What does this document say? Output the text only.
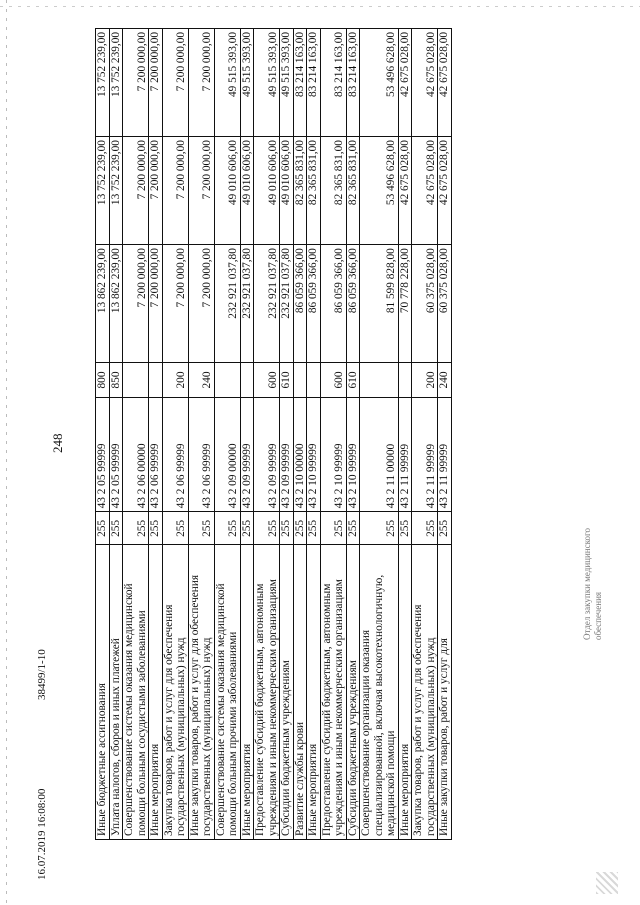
248
Иные бюджетные ассигнования	255	43 2 05 99999	800	13 862 239,00	13 752 239,00	13 752 239,00
Уплата налогов, сборов и иных платежей	255	43 2 05 99999	850	13 862 239,00	13 752 239,00	13 752 239,00
Совершенствование системы оказания медицинской помощи больным сосудистыми заболеваниями	255	43 2 06 00000		7 200 000,00	7 200 000,00	7 200 000,00
Иные мероприятия	255	43 2 06 99999		7 200 000,00	7 200 000,00	7 200 000,00
Закупка товаров, работ и услуг для обеспечения государственных (муниципальных) нужд	255	43 2 06 99999	200	7 200 000,00	7 200 000,00	7 200 000,00
Иные закупки товаров, работ и услуг для обеспечения государственных (муниципальных) нужд	255	43 2 06 99999	240	7 200 000,00	7 200 000,00	7 200 000,00
Совершенствование системы оказания медицинской помощи больным прочими заболеваниями	255	43 2 09 00000		232 921 037,80	49 010 606,00	49 515 393,00
Иные мероприятия	255	43 2 09 99999		232 921 037,80	49 010 606,00	49 515 393,00
Предоставление субсидий бюджетным, автономным учреждениям и иным некоммерческим организациям	255	43 2 09 99999	600	232 921 037,80	49 010 606,00	49 515 393,00
Субсидии бюджетным учреждениям	255	43 2 09 99999	610	232 921 037,80	49 010 606,00	49 515 393,00
Развитие службы крови	255	43 2 10 00000		86 059 366,00	82 365 831,00	83 214 163,00
Иные мероприятия	255	43 2 10 99999		86 059 366,00	82 365 831,00	83 214 163,00
Предоставление субсидий бюджетным, автономным учреждениям и иным некоммерческим организациям	255	43 2 10 99999	600	86 059 366,00	82 365 831,00	83 214 163,00
Субсидии бюджетным учреждениям	255	43 2 10 99999	610	86 059 366,00	82 365 831,00	83 214 163,00
Совершенствование организации оказания специализированной, включая высокотехнологичную, медицинской помощи	255	43 2 11 00000		81 599 828,00	53 496 628,00	53 496 628,00
Иные мероприятия	255	43 2 11 99999		70 778 228,00	42 675 028,00	42 675 028,00
Закупка товаров, работ и услуг для обеспечения государственных (муниципальных) нужд	255	43 2 11 99999	200	60 375 028,00	42 675 028,00	42 675 028,00
Иные закупки товаров, работ и услуг для	255	43 2 11 99999	240	60 375 028,00	42 675 028,00	42 675 028,00
16.07.2019 16:08:00
38499/1-10
Отдел закупки медицинского обеспечения
